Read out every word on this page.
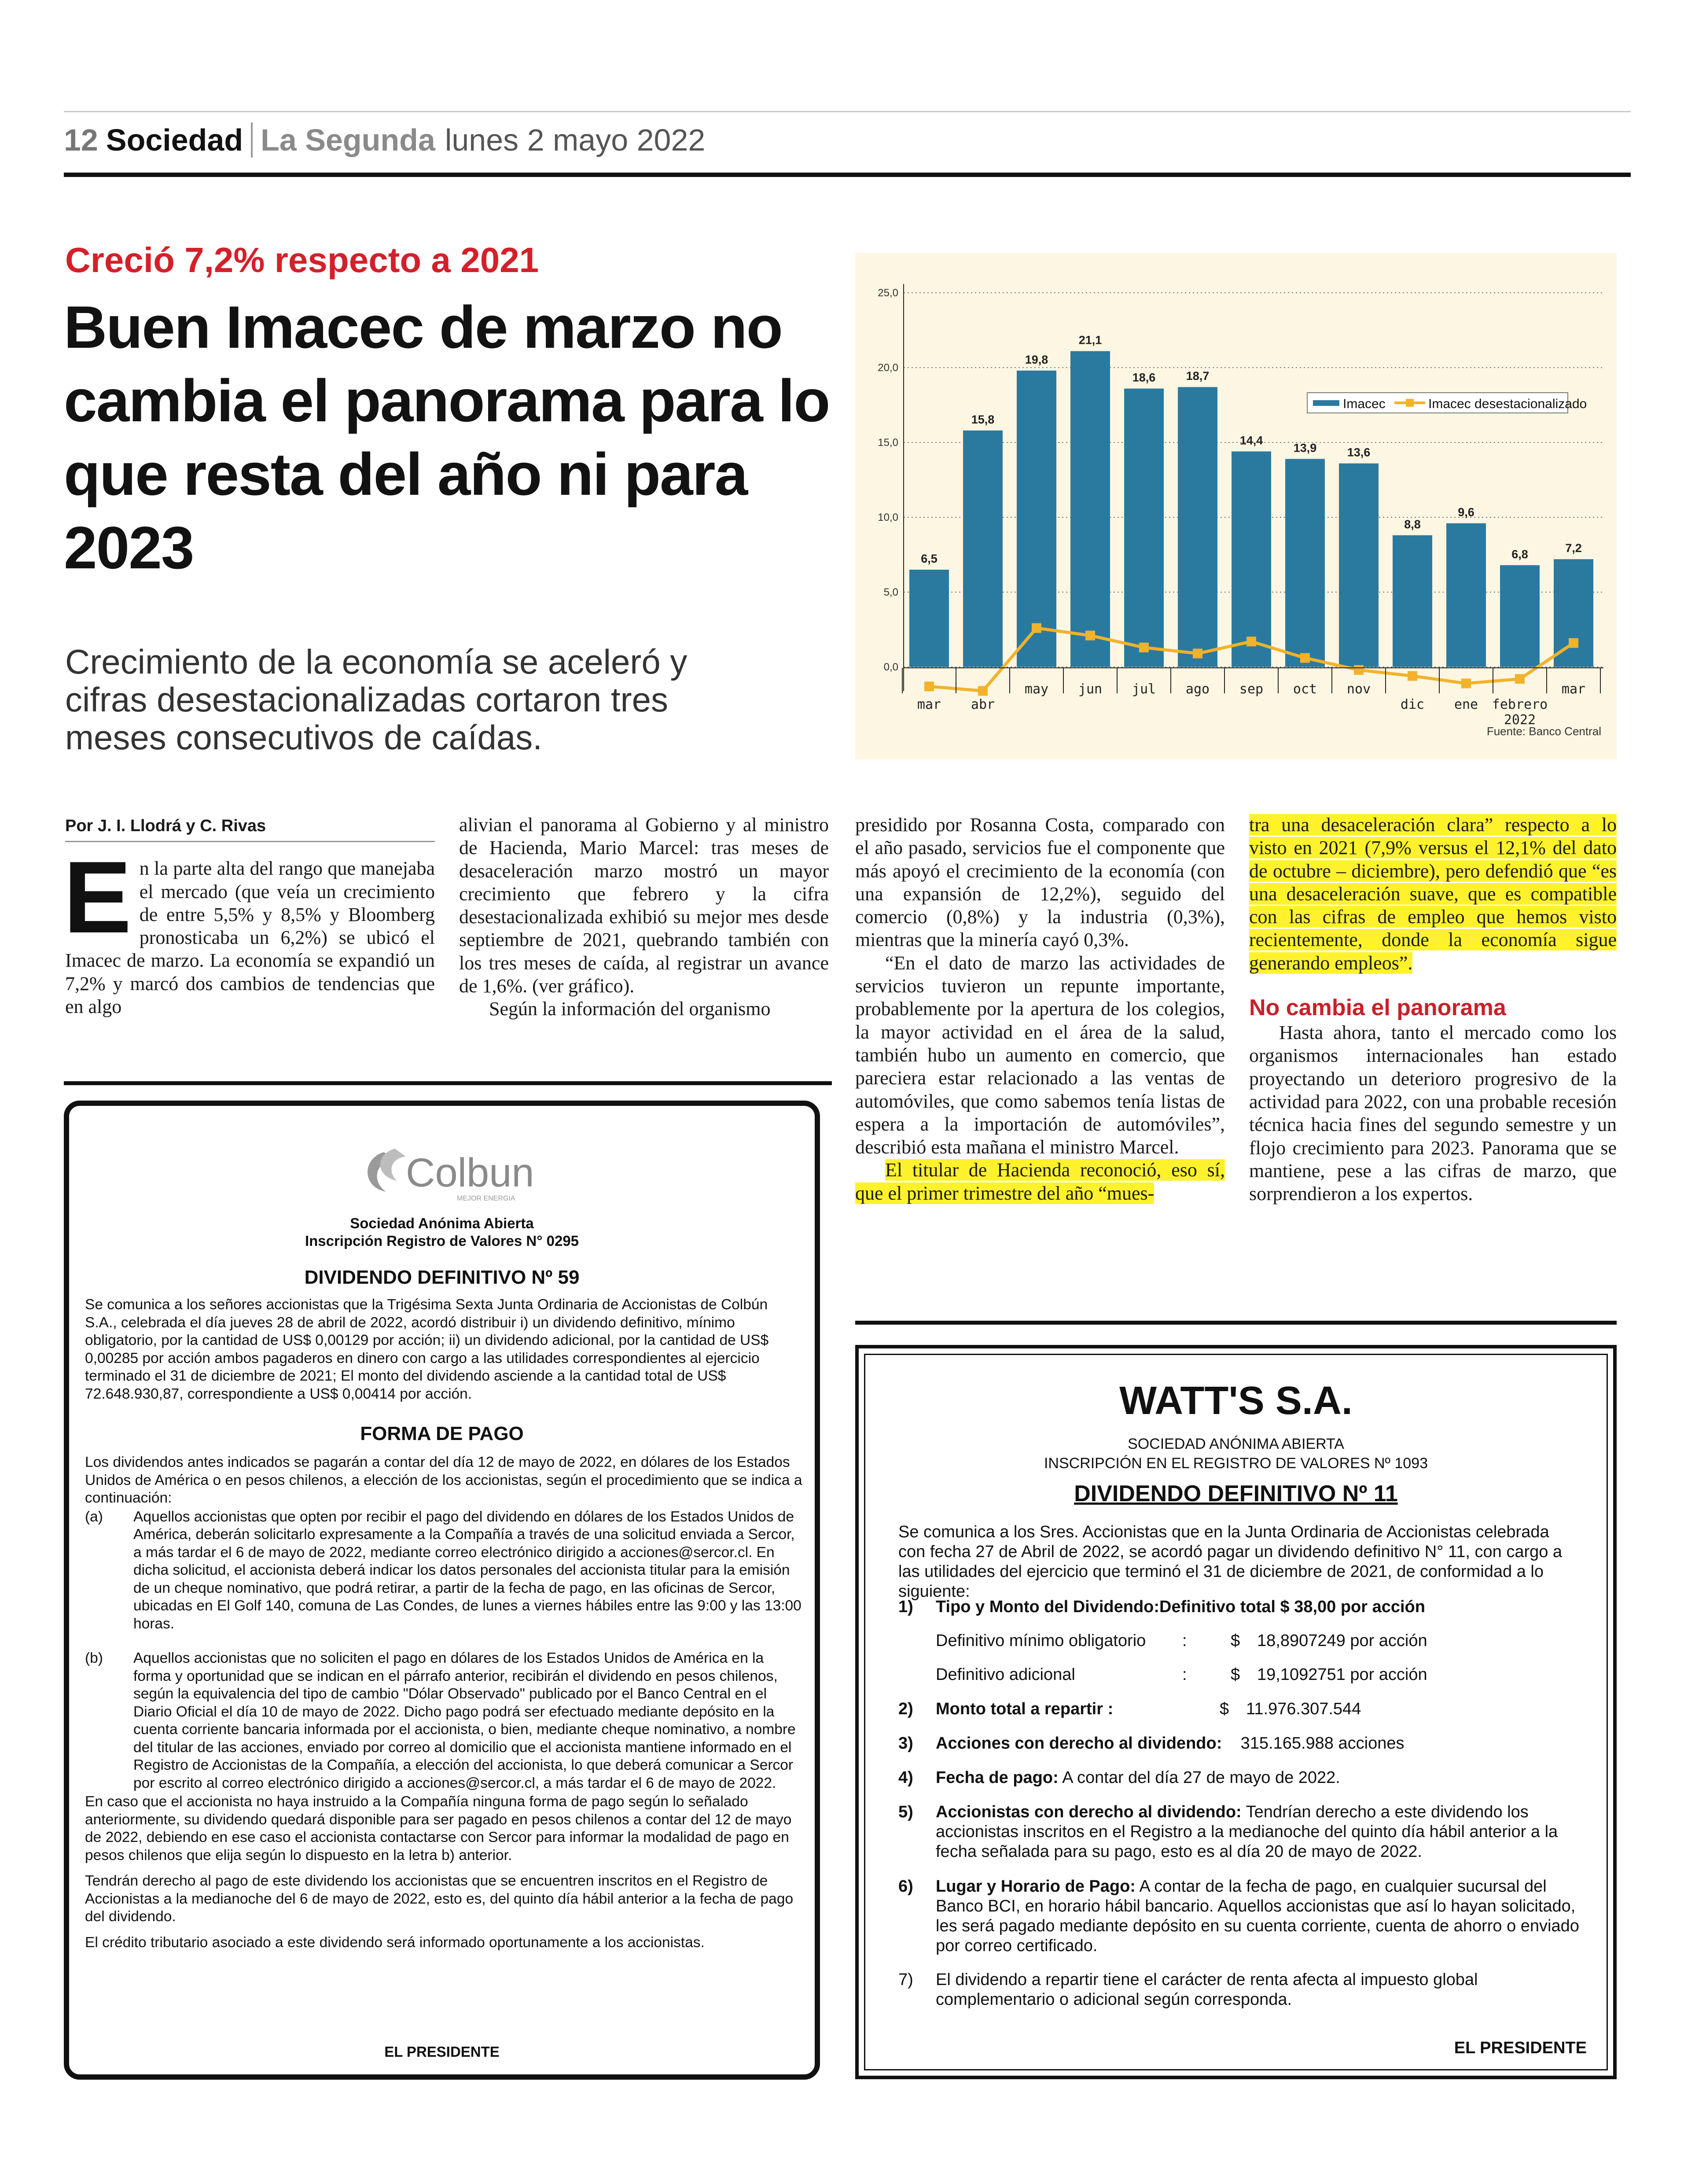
12 Sociedad La Segunda lunes 2 mayo 2022
Creció 7,2% respecto a 2021
Buen Imacec de marzo no cambia el panorama para lo que resta del año ni para 2023
Crecimiento de la economía se aceleró y cifras desestacionalizadas cortaron tres meses consecutivos de caídas.
25,0
20,0
15,0
10,0
5,0
0,0
6,5
15,8
19,8
21,1
18,6	18,7
14,4
13,9	13,6
8,8
9,6
6,8	7,2
mar abr
may jun jul ago sep oct nov
dic ene febrero
mar
2022
Imacec	Imacec desestacionalizado
Fuente: Banco Central
Por J. I. Llodrá y C. Rivas

En la parte alta del rango que manejaba el mercado (que veía un crecimiento de entre 5,5% y 8,5% y Bloomberg pronosticaba un 6,2%) se ubicó el Imacec de marzo. La economía se expandió un 7,2% y marcó dos cambios de tendencias que en algo

alivian el panorama al Gobierno y al ministro de Hacienda, Mario Marcel: tras meses de desaceleración marzo mostró un mayor crecimiento que febrero y la cifra desestacionalizada exhibió su mejor mes desde septiembre de 2021, quebrando también con los tres meses de caída, al registrar un avance de 1,6%. (ver gráfico).

Según la información del organismo

presidido por Rosanna Costa, comparado con el año pasado, servicios fue el componente que más apoyó el crecimiento de la economía (con una expansión de 12,2%), seguido del comercio (0,8%) y la industria (0,3%), mientras que la minería cayó 0,3%.

“En el dato de marzo las actividades de servicios tuvieron un repunte importante, probablemente por la apertura de los colegios, la mayor actividad en el área de la salud, también hubo un aumento en comercio, que pareciera estar relacionado a las ventas de automóviles, que como sabemos tenía listas de espera a la importación de automóviles”, describió esta mañana el ministro Marcel.

El titular de Hacienda reconoció, eso sí, que el primer trimestre del año “mues-

tra una desaceleración clara” respecto a lo visto en 2021 (7,9% versus el 12,1% del dato de octubre – diciembre), pero defendió que “es una desaceleración suave, que es compatible con las cifras de empleo que hemos visto recientemente, donde la economía sigue generando empleos”.

No cambia el panorama

Hasta ahora, tanto el mercado como los organismos internacionales han estado proyectando un deterioro progresivo de la actividad para 2022, con una probable recesión técnica hacia fines del segundo semestre y un flojo crecimiento para 2023. Panorama que se mantiene, pese a las cifras de marzo, que sorprendieron a los expertos.

Colbun
MEJOR ENERGIA
Sociedad Anónima Abierta
Inscripción Registro de Valores N° 0295
DIVIDENDO DEFINITIVO Nº 59
Se comunica a los señores accionistas que la Trigésima Sexta Junta Ordinaria de Accionistas de Colbún S.A., celebrada el día jueves 28 de abril de 2022, acordó distribuir i) un dividendo definitivo, mínimo obligatorio, por la cantidad de US$ 0,00129 por acción; ii) un dividendo adicional, por la cantidad de US$ 0,00285 por acción ambos pagaderos en dinero con cargo a las utilidades correspondientes al ejercicio terminado el 31 de diciembre de 2021; El monto del dividendo asciende a la cantidad total de US$ 72.648.930,87, correspondiente a US$ 0,00414 por acción.
FORMA DE PAGO

Los dividendos antes indicados se pagarán a contar del día 12 de mayo de 2022, en dólares de los Estados Unidos de América o en pesos chilenos, a elección de los accionistas, según el procedimiento que se indica a continuación:

(a)	Aquellos accionistas que opten por recibir el pago del dividendo en dólares de los Estados Unidos de América, deberán solicitarlo expresamente a la Compañía a través de una solicitud enviada a Sercor, a más tardar el 6 de mayo de 2022, mediante correo electrónico dirigido a acciones@sercor.cl. En dicha solicitud, el accionista deberá indicar los datos personales del accionista titular para la emisión de un cheque nominativo, que podrá retirar, a partir de la fecha de pago, en las oficinas de Sercor, ubicadas en El Golf 140, comuna de Las Condes, de lunes a viernes hábiles entre las 9:00 y las 13:00 horas.
(b)	Aquellos accionistas que no soliciten el pago en dólares de los Estados Unidos de América en la forma y oportunidad que se indican en el párrafo anterior, recibirán el dividendo en pesos chilenos, según la equivalencia del tipo de cambio "Dólar Observado" publicado por el Banco Central en el Diario Oficial el día 10 de mayo de 2022. Dicho pago podrá ser efectuado mediante depósito en la cuenta corriente bancaria informada por el accionista, o bien, mediante cheque nominativo, a nombre del titular de las acciones, enviado por correo al domicilio que el accionista mantiene informado en el Registro de Accionistas de la Compañía, a elección del accionista, lo que deberá comunicar a Sercor por escrito al correo electrónico dirigido a acciones@sercor.cl, a más tardar el 6 de mayo de 2022.

En caso que el accionista no haya instruido a la Compañía ninguna forma de pago según lo señalado anteriormente, su dividendo quedará disponible para ser pagado en pesos chilenos a contar del 12 de mayo de 2022, debiendo en ese caso el accionista contactarse con Sercor para informar la modalidad de pago en pesos chilenos que elija según lo dispuesto en la letra b) anterior.

Tendrán derecho al pago de este dividendo los accionistas que se encuentren inscritos en el Registro de Accionistas a la medianoche del 6 de mayo de 2022, esto es, del quinto día hábil anterior a la fecha de pago del dividendo.

El crédito tributario asociado a este dividendo será informado oportunamente a los accionistas.

EL PRESIDENTE
WATT'S S.A.
SOCIEDAD ANÓNIMA ABIERTA
INSCRIPCIÓN EN EL REGISTRO DE VALORES Nº 1093
DIVIDENDO DEFINITIVO Nº 11
Se comunica a los Sres. Accionistas que en la Junta Ordinaria de Accionistas celebrada con fecha 27 de Abril de 2022, se acordó pagar un dividendo definitivo N° 11, con cargo a las utilidades del ejercicio que terminó el 31 de diciembre de 2021, de conformidad a lo siguiente:
1)	Tipo y Monto del Dividendo:Definitivo total $ 38,00 por acción
Definitivo mínimo obligatorio	:	$	18,8907249 por acción
Definitivo adicional	:	$	19,1092751 por acción
2)	Monto total a repartir :	$	11.976.307.544
3)	Acciones con derecho al dividendo: 315.165.988 acciones
4)	Fecha de pago: A contar del día 27 de mayo de 2022.
5)	Accionistas con derecho al dividendo: Tendrían derecho a este dividendo los accionistas inscritos en el Registro a la medianoche del quinto día hábil anterior a la fecha señalada para su pago, esto es al día 20 de mayo de 2022.
6)	Lugar y Horario de Pago: A contar de la fecha de pago, en cualquier sucursal del Banco BCI, en horario hábil bancario. Aquellos accionistas que así lo hayan solicitado, les será pagado mediante depósito en su cuenta corriente, cuenta de ahorro o enviado por correo certificado.
7)	El dividendo a repartir tiene el carácter de renta afecta al impuesto global complementario o adicional según corresponda.
EL PRESIDENTE
